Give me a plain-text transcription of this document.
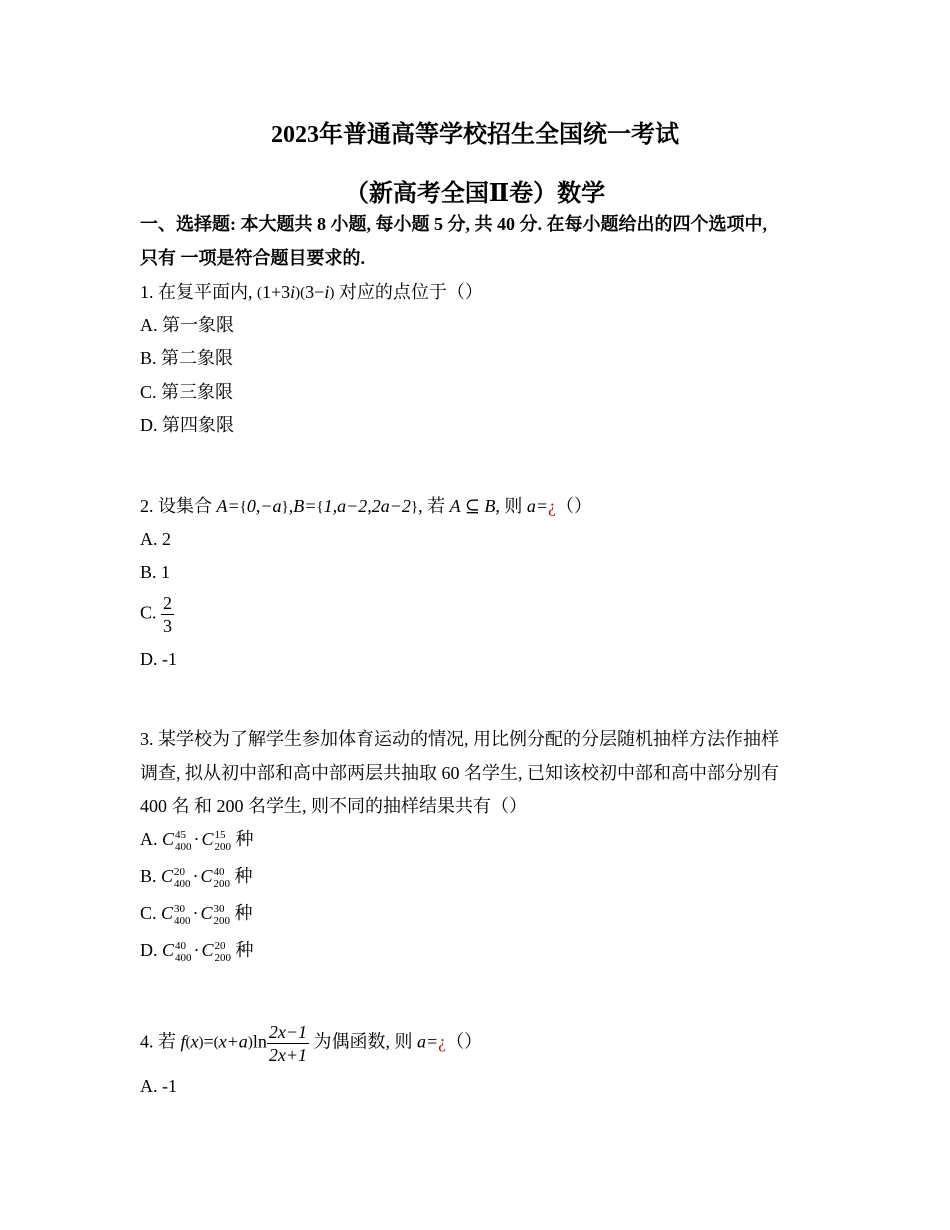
2023年普通高等学校招生全国统一考试
（新高考全国Ⅱ卷）数学
一、选择题: 本大题共 8 小题, 每小题 5 分, 共 40 分. 在每小题给出的四个选项中,
只有 一项是符合题目要求的.
1. 在复平面内, (1+3i)(3−i) 对应的点位于（）
A. 第一象限
B. 第二象限
C. 第三象限
D. 第四象限
2. 设集合 A={0,−a},B={1,a−2,2a−2}, 若 A ⊆ B, 则 a=¿（）
A. 2
B. 1
C. $\frac{2}{3}$
D. -1
3. 某学校为了解学生参加体育运动的情况, 用比例分配的分层随机抽样方法作抽样
调查, 拟从初中部和高中部两层共抽取 60 名学生, 已知该校初中部和高中部分别有
400 名 和 200 名学生, 则不同的抽样结果共有（）
A. C 45
400 · C 15
200 种
B. C 20
400 · C 40
200 种
C. C 30
400 · C 30
200 种
D. C 40
400 · C 20
200 种
4. 若 $f(x)=(x+a)\ln \frac{2x-1}{2x+1}$ 为偶函数, 则 a=¿（）
A. -1
